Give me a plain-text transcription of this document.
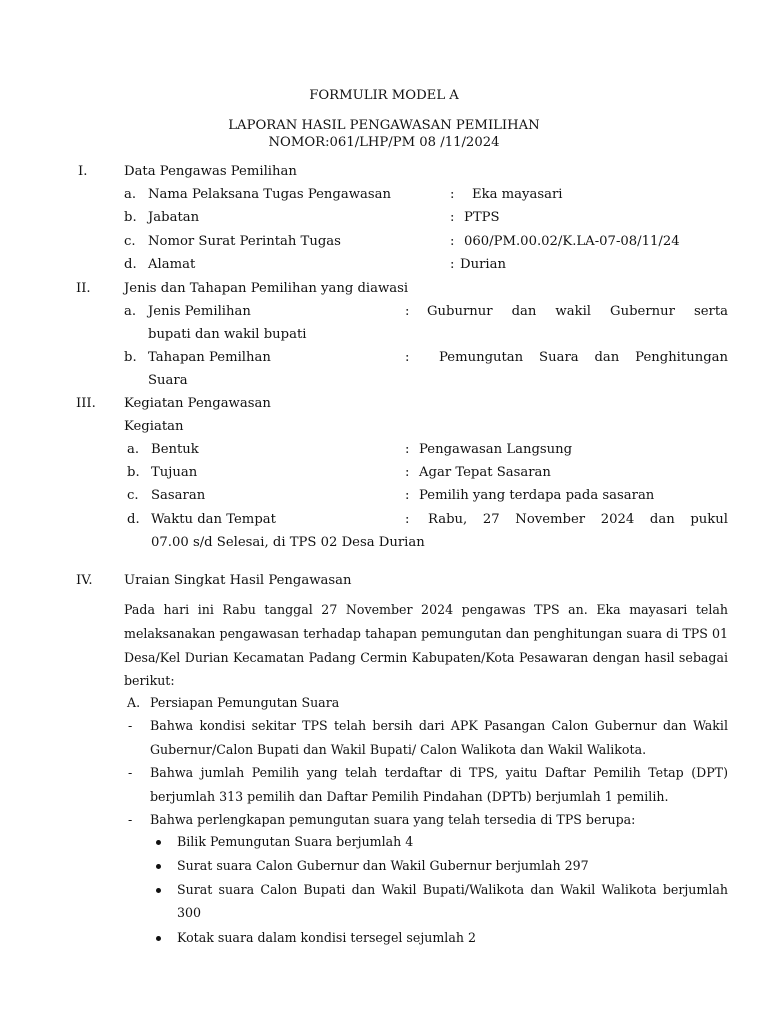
FORMULIR MODEL A
LAPORAN HASIL PENGAWASAN PEMILIHAN
NOMOR:061/LHP/PM 08 /11/2024
I.	Data Pengawas Pemilihan
a. Nama Pelaksana Tugas Pengawasan	: Eka mayasari
b. Jabatan	: PTPS
c. Nomor Surat Perintah Tugas	: 060/PM.00.02/K.LA-07-08/11/24
d. Alamat	: Durian
II.	Jenis dan Tahapan Pemilihan yang diawasi
a. Jenis Pemilihan	: Guburnur dan wakil Gubernur serta
bupati dan wakil bupati
b. Tahapan Pemilhan	: Pemungutan Suara dan Penghitungan
Suara
III. Kegiatan Pengawasan
Kegiatan
a. Bentuk	: Pengawasan Langsung
b. Tujuan	: Agar Tepat Sasaran
c. Sasaran	: Pemilih yang terdapa pada sasaran
d. Waktu dan Tempat	: Rabu, 27 November 2024 dan pukul
07.00 s/d Selesai, di TPS 02 Desa Durian
IV. Uraian Singkat Hasil Pengawasan
Pada hari ini Rabu tanggal 27 November 2024 pengawas TPS an. Eka mayasari telah
melaksanakan pengawasan terhadap tahapan pemungutan dan penghitungan suara di TPS 01
Desa/Kel Durian Kecamatan Padang Cermin Kabupaten/Kota Pesawaran dengan hasil sebagai
berikut:
A. Persiapan Pemungutan Suara
- Bahwa kondisi sekitar TPS telah bersih dari APK Pasangan Calon Gubernur dan Wakil
Gubernur/Calon Bupati dan Wakil Bupati/ Calon Walikota dan Wakil Walikota.
- Bahwa jumlah Pemilih yang telah terdaftar di TPS, yaitu Daftar Pemilih Tetap (DPT)
berjumlah 313 pemilih dan Daftar Pemilih Pindahan (DPTb) berjumlah 1 pemilih.
- Bahwa perlengkapan pemungutan suara yang telah tersedia di TPS berupa:
Bilik Pemungutan Suara berjumlah 4
Surat suara Calon Gubernur dan Wakil Gubernur berjumlah 297
Surat suara Calon Bupati dan Wakil Bupati/Walikota dan Wakil Walikota berjumlah
300
Kotak suara dalam kondisi tersegel sejumlah 2
